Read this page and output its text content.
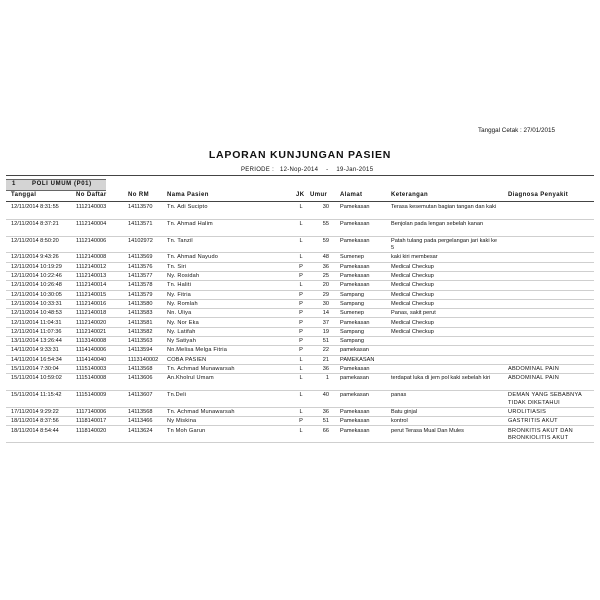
Tanggal Cetak : 27/01/2015
LAPORAN KUNJUNGAN PASIEN
PERIODE : 12-Nop-2014 - 19-Jan-2015
1	POLI UMUM (P01)
Tanggal	No Daftar	No RM	Nama Pasien	JK Umur Alamat	Keterangan	Diagnosa Penyakit
12/11/2014 8:31:55	1112140003	14113570	Tn. Adi Sucipto	L	30 Pamekasan	Terasa kesemutan bagian tangan dan kaki
12/11/2014 8:37:21	1112140004	14113571	Tn. Ahmad Halim	L	55 Pamekasan	Benjolan pada lengan sebelah kanan
12/11/2014 8:50:20	1112140006	14102972	Tn. Tanzil	L	59 Pamekasan	Patah tulang pada pergelangan jari kaki ke 5
12/11/2014 9:43:26	1112140008	14113569	Tn. Ahmad Nayudo	L	48 Sumenep	kaki kiri membesar
12/11/2014 10:19:29	1112140012	14113576	Tn. Siri	P	36 Pamekasan	Medical Checkup
12/11/2014 10:22:46	1112140013	14113577	Ny. Rosidah	P	25 Pamekasan	Medical Checkup
12/11/2014 10:26:48	1112140014	14113578	Tn. Haliti	L	20 Pamekasan	Medical Checkup
12/11/2014 10:30:05	1112140015	14113579	Ny. Fitria	P	29 Sampang	Medical Checkup
12/11/2014 10:33:31	1112140016	14113580	Ny. Romlah	P	30 Sampang	Medical Checkup
12/11/2014 10:48:53	1112140018	14113583	Nn. Uliya	P	14 Sumenep	Panas, sakit perut
12/11/2014 11:04:31	1112140020	14113581	Ny. Nor Eka	P	37 Pamekasan	Medical Checkup
12/11/2014 11:07:36	1112140021	14113582	Ny. Latifah	P	19 Sampang	Medical Checkup
13/11/2014 13:26:44	1113140008	14113563	Ny Satiyah	P	51 Sampang
14/11/2014 9:33:31	1114140006	14113594	Nn.Melisa Melga Fitria	P	22 pamekasan
14/11/2014 16:54:34	1114140040	1113140002 COBA PASIEN	L	21 PAMEKASAN
15/11/2014 7:30:04	1115140003	14113568	Tn. Achmad Munawarsah	L	36 Pamekasan	ABDOMINAL PAIN
15/11/2014 10:59:02	1115140008	14113606	An.Kholrul Umam	L	1 pamekasan	terdapat luka di jem pol kaki sebelah kiri	ABDOMINAL PAIN
15/11/2014 11:15:42	1115140009	14113607	Tn.Deli	L	40 pamekasan	panas	DEMAN YANG SEBABNYA TIDAK DIKETAHUI
17/11/2014 9:29:22	1117140006	14113568	Tn. Achmad Munawarsah	L	36 Pamekasan	Batu ginjal	UROLITIASIS
18/11/2014 8:37:56	1118140017	14113466	Ny Miskina	P	51 Pamekasan	kontrol	GASTRITIS AKUT
18/11/2014 8:54:44	1118140020	14113624	Tn Moh Garun	L	66 Pamekasan	perut Terasa Mual Dan Mules	BRONKITIS AKUT DAN BRONKIOLITIS AKUT
